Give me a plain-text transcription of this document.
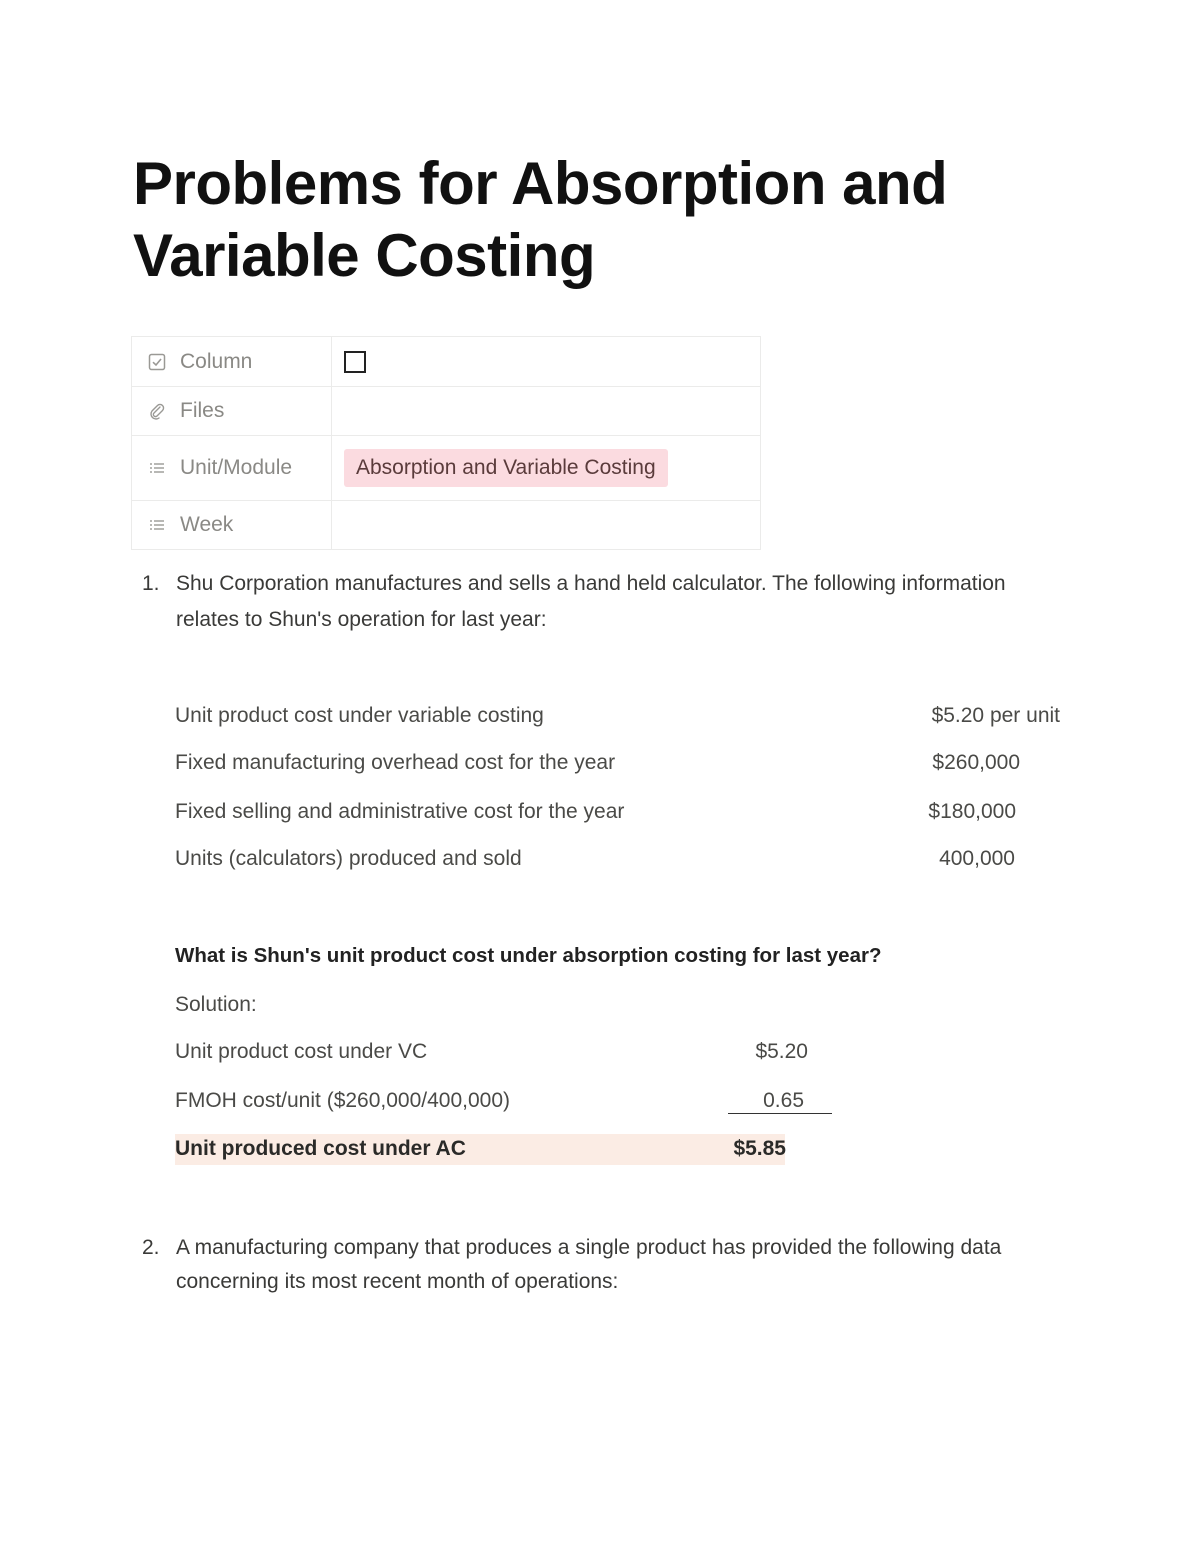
Problems for Absorption and Variable Costing
Column
Files
Unit/Module	Absorption and Variable Costing
Week
1. Shu Corporation manufactures and sells a hand held calculator. The following information relates to Shun's operation for last year:
Unit product cost under variable costing	$5.20 per unit
Fixed manufacturing overhead cost for the year	$260,000
Fixed selling and administrative cost for the year	$180,000
Units (calculators) produced and sold	400,000
What is Shun's unit product cost under absorption costing for last year?
Solution:
Unit product cost under VC	$5.20
FMOH cost/unit ($260,000/400,000)	0.65
Unit produced cost under AC	$5.85
2. A manufacturing company that produces a single product has provided the following data concerning its most recent month of operations:
